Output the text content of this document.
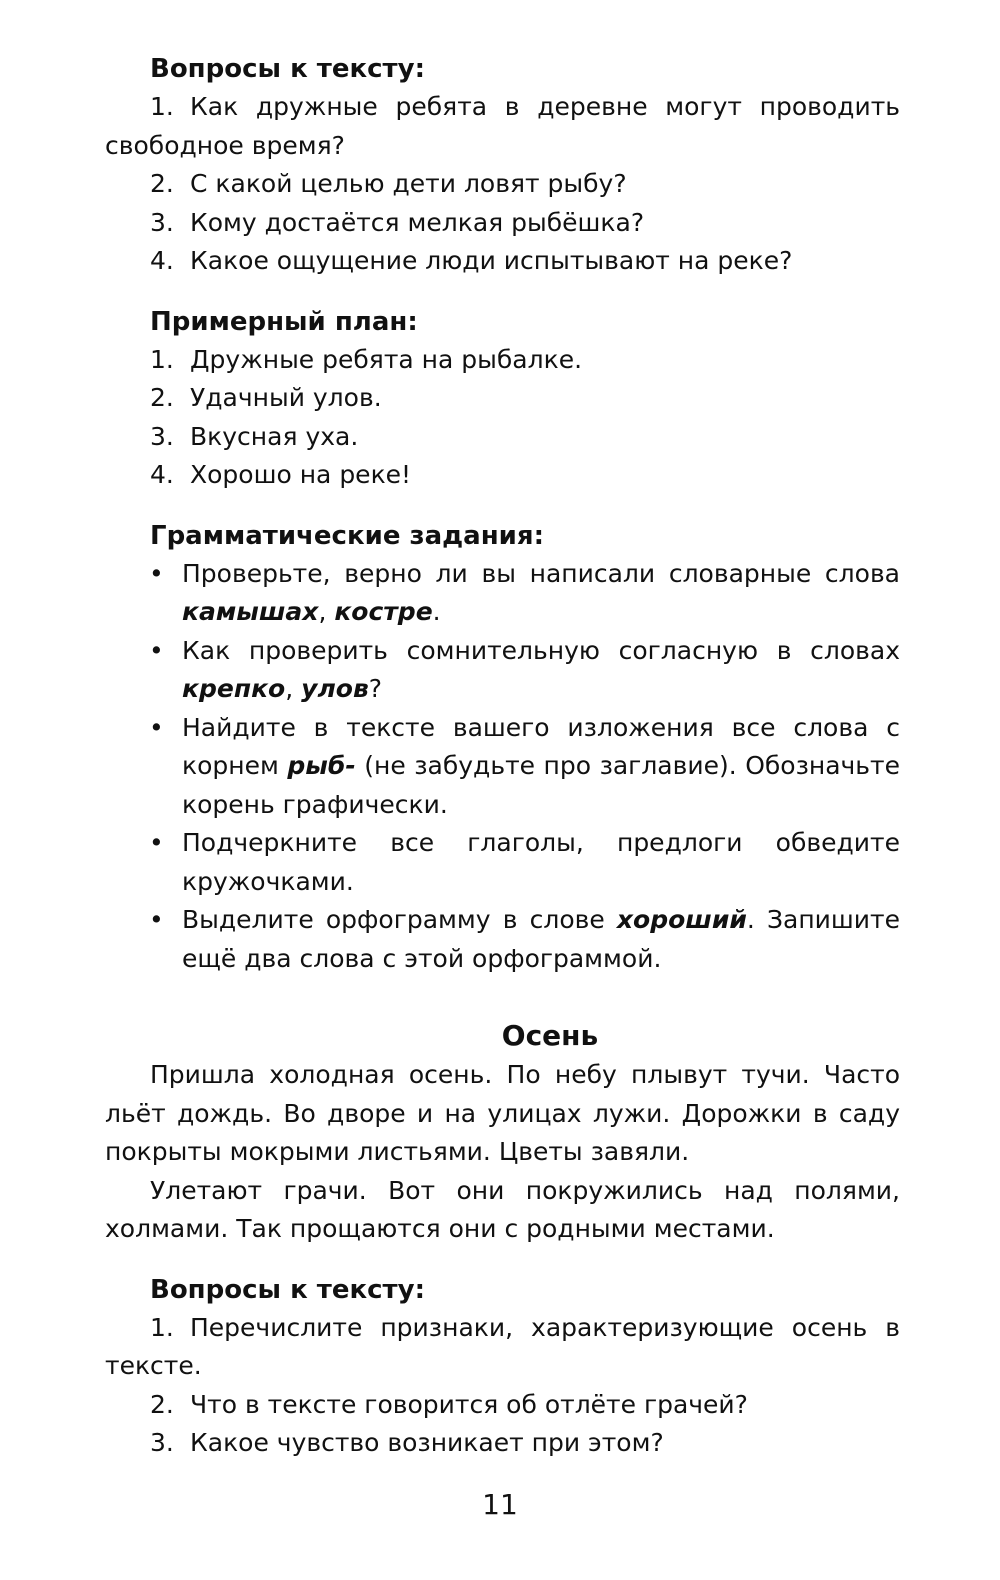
Вопросы к тексту:

1. Как дружные ребята в деревне могут проводить свободное время?
2. С какой целью дети ловят рыбу?
3. Кому достаётся мелкая рыбёшка?
4. Какое ощущение люди испытывают на реке?

Примерный план:

1. Дружные ребята на рыбалке.
2. Удачный улов.
3. Вкусная уха.
4. Хорошо на реке!

Грамматические задания:

• Проверьте, верно ли вы написали словарные слова камышах, костре.
• Как проверить сомнительную согласную в словах крепко, улов?
• Найдите в тексте вашего изложения все слова с корнем рыб- (не забудьте про заглавие). Обозначьте корень графически.
• Подчеркните все глаголы, предлоги обведите кружочками.
• Выделите орфограмму в слове хороший. Запишите ещё два слова с этой орфограммой.
Осень

Пришла холодная осень. По небу плывут тучи. Часто льёт дождь. Во дворе и на улицах лужи. Дорожки в саду покрыты мокрыми листьями. Цветы завяли.

Улетают грачи. Вот они покружились над полями, холмами. Так прощаются они с родными местами.

Вопросы к тексту:

1. Перечислите признаки, характеризующие осень в тексте.
2. Что в тексте говорится об отлёте грачей?
3. Какое чувство возникает при этом?
11
